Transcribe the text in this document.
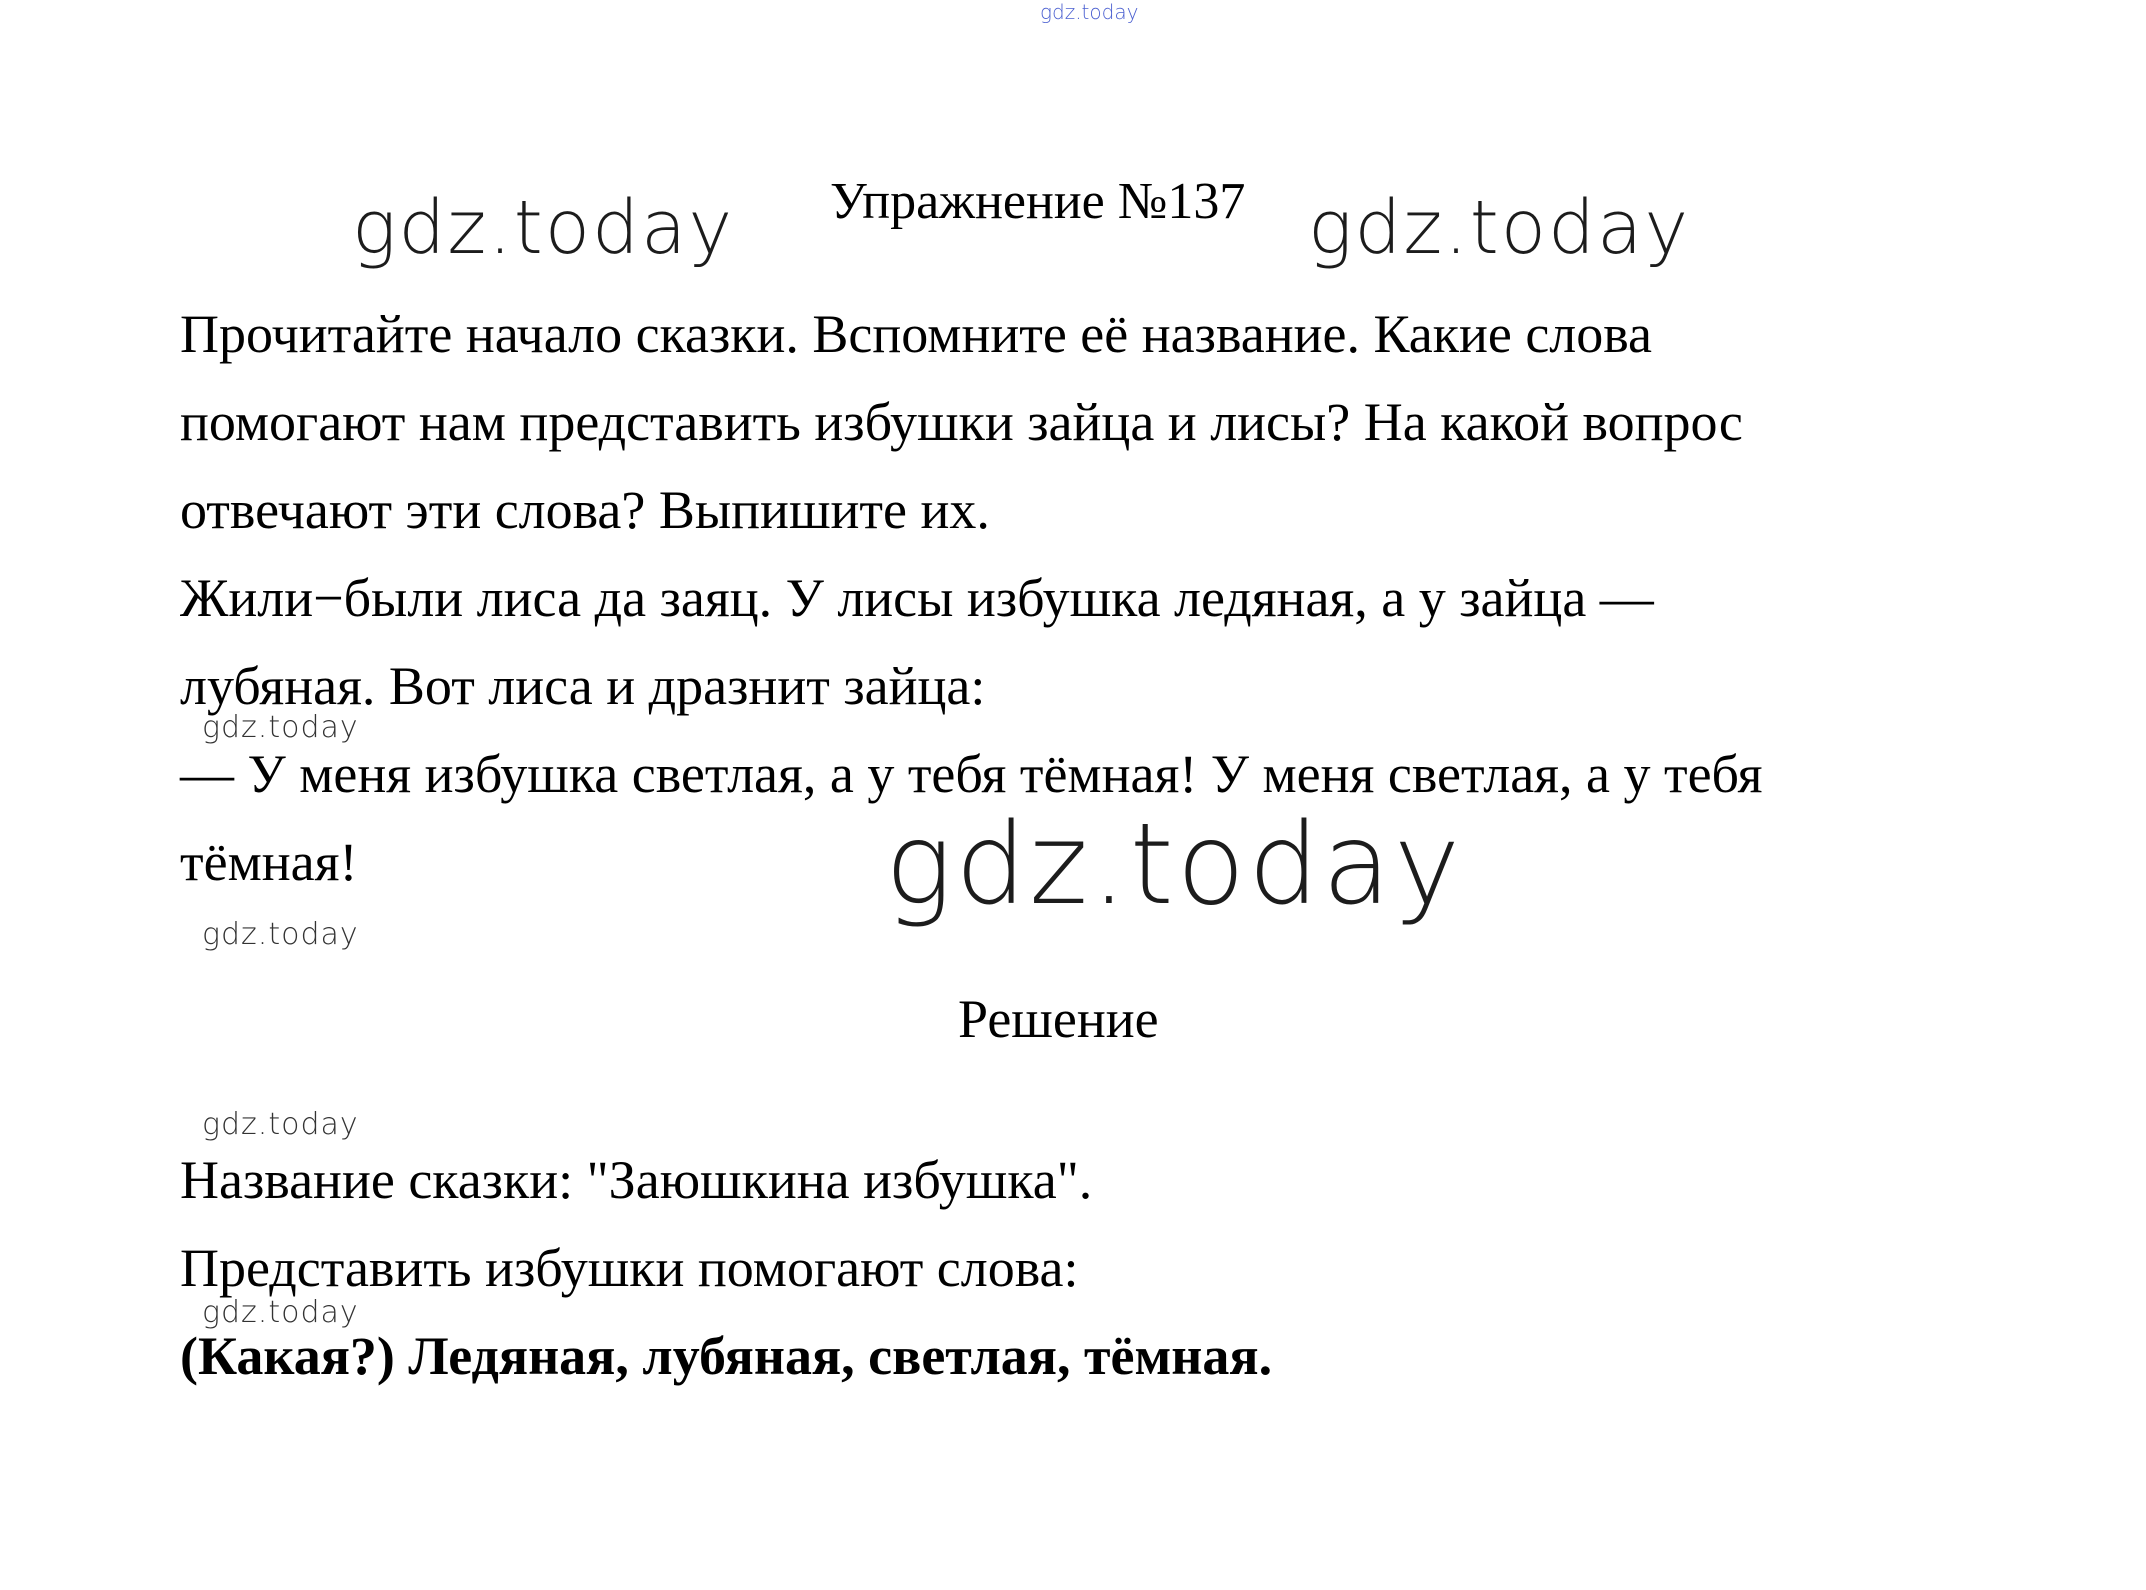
gdz.today
gdz.today	gdz.today
gdz.today
gdz.today
gdz.today
gdz.today
gdz.today
Упражнение №137
Прочитайте начало сказки. Вспомните её название. Какие слова
помогают нам представить избушки зайца и лисы? На какой вопрос
отвечают эти слова? Выпишите их.
Жили−были лиса да заяц. У лисы избушка ледяная, а у зайца —
лубяная. Вот лиса и дразнит зайца:
— У меня избушка светлая, а у тебя тёмная! У меня светлая, а у тебя
тёмная!
Решение
Название сказки: "Заюшкина избушка".
Представить избушки помогают слова:
(Какая?) Ледяная, лубяная, светлая, тёмная.
